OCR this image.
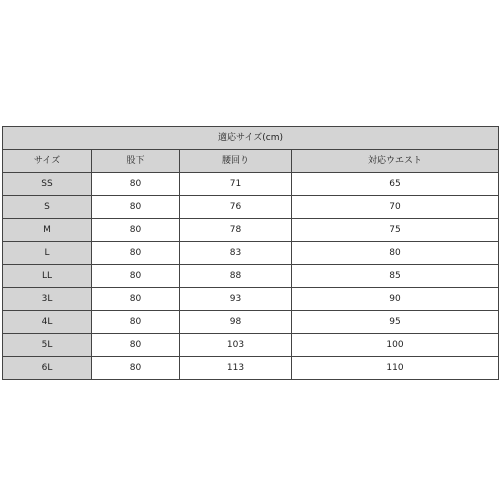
適応サイズ(cm)			
サイズ	股下	腰回り	対応ウエスト
SS	80	71	65
S	80	76	70
M	80	78	75
L	80	83	80
LL	80	88	85
3L	80	93	90
4L	80	98	95
5L	80	103	100
6L	80	113	110
